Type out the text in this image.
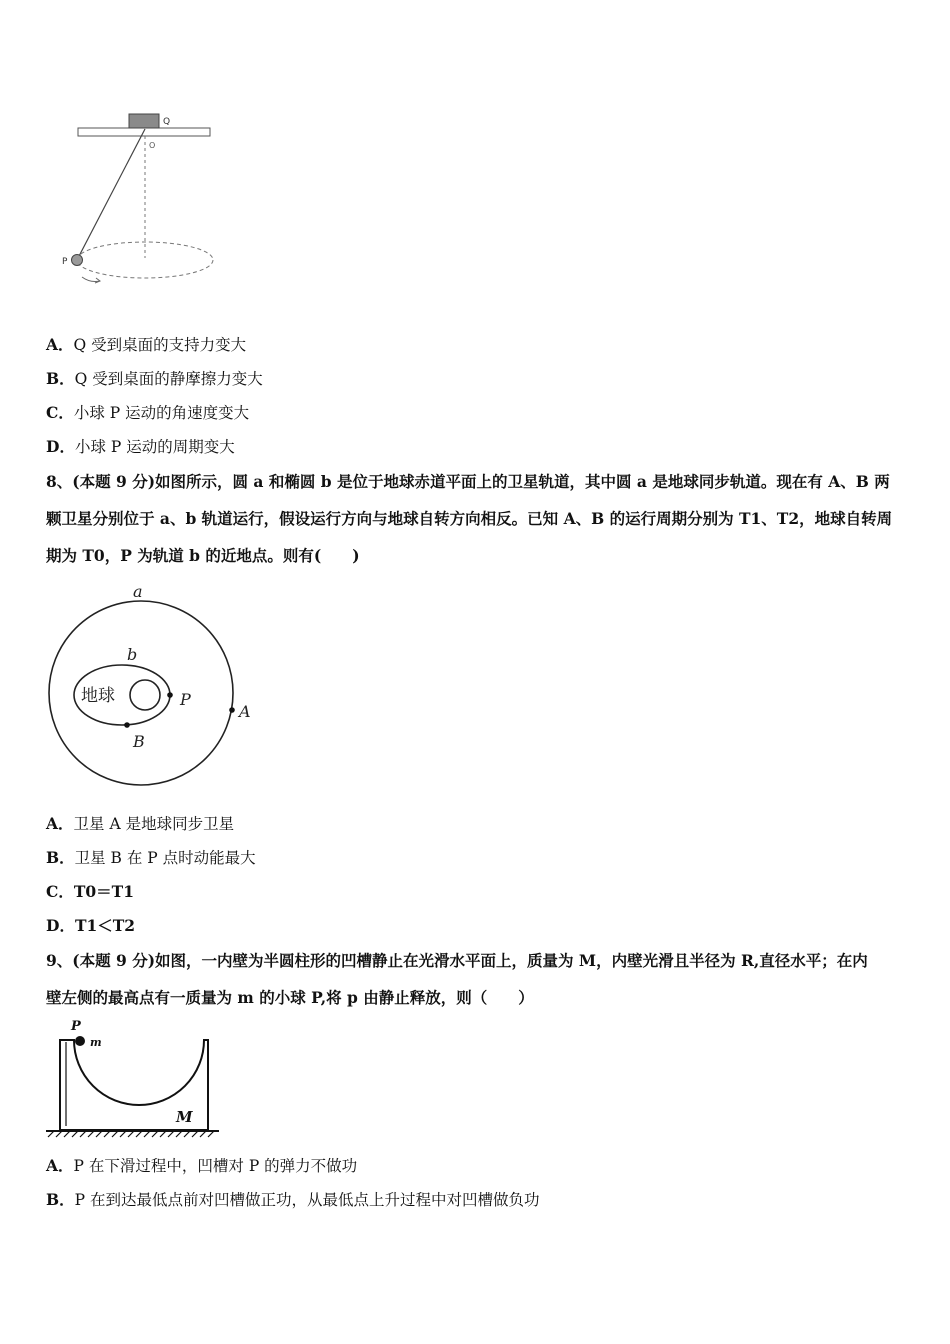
Q
O
P
A．Q 受到桌面的支持力变大
B．Q 受到桌面的静摩擦力变大
C．小球 P 运动的角速度变大
D．小球 P 运动的周期变大
8、(本题 9 分)如图所示，圆 a 和椭圆 b 是位于地球赤道平面上的卫星轨道，其中圆 a 是地球同步轨道。现在有 A、B 两
颗卫星分别位于 a、b 轨道运行，假设运行方向与地球自转方向相反。已知 A、B 的运行周期分别为 T1、T2，地球自转周
期为 T0，P 为轨道 b 的近地点。则有(　　)
a
b
地球	P
A
B
A．卫星 A 是地球同步卫星
B．卫星 B 在 P 点时动能最大
C．T0＝T1
D．T1＜T2
9、(本题 9 分)如图，一内壁为半圆柱形的凹槽静止在光滑水平面上，质量为 M，内壁光滑且半径为 R,直径水平；在内
壁左侧的最高点有一质量为 m 的小球 P,将 p 由静止释放，则（　　）
P
m
M
A．P 在下滑过程中，凹槽对 P 的弹力不做功
B．P 在到达最低点前对凹槽做正功，从最低点上升过程中对凹槽做负功
